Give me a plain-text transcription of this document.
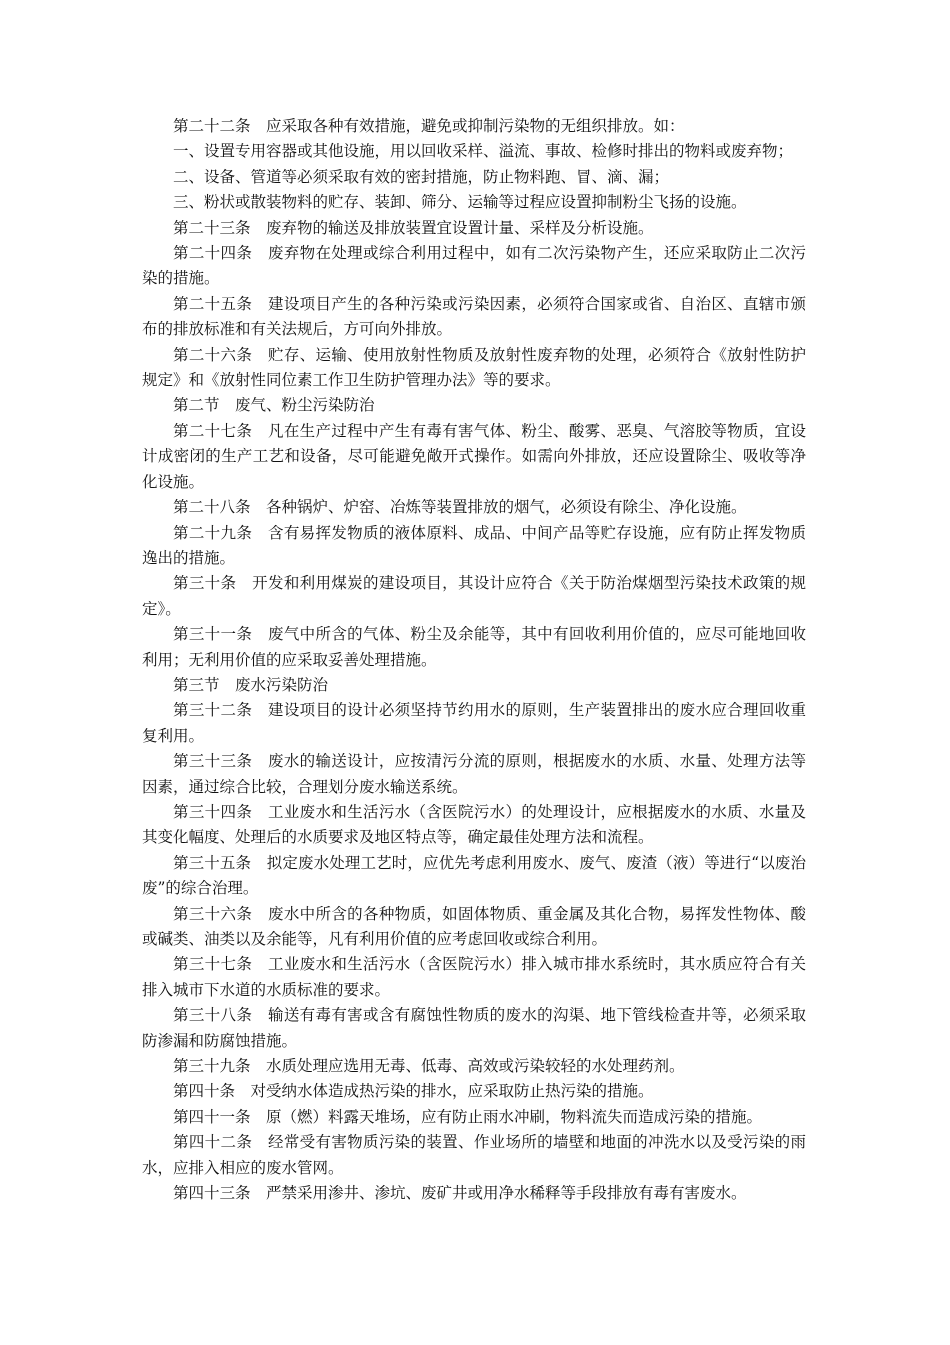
第二十二条　应采取各种有效措施，避免或抑制污染物的无组织排放。如：

一、设置专用容器或其他设施，用以回收采样、溢流、事故、检修时排出的物料或废弃物；

二、设备、管道等必须采取有效的密封措施，防止物料跑、冒、滴、漏；

三、粉状或散装物料的贮存、装卸、筛分、运输等过程应设置抑制粉尘飞扬的设施。

第二十三条　废弃物的输送及排放装置宜设置计量、采样及分析设施。

第二十四条　废弃物在处理或综合利用过程中，如有二次污染物产生，还应采取防止二次污染的措施。

第二十五条　建设项目产生的各种污染或污染因素，必须符合国家或省、自治区、直辖市颁布的排放标准和有关法规后，方可向外排放。

第二十六条　贮存、运输、使用放射性物质及放射性废弃物的处理，必须符合《放射性防护规定》和《放射性同位素工作卫生防护管理办法》等的要求。

第二节　废气、粉尘污染防治

第二十七条　凡在生产过程中产生有毒有害气体、粉尘、酸雾、恶臭、气溶胶等物质，宜设计成密闭的生产工艺和设备，尽可能避免敞开式操作。如需向外排放，还应设置除尘、吸收等净化设施。

第二十八条　各种锅炉、炉窑、冶炼等装置排放的烟气，必须设有除尘、净化设施。

第二十九条　含有易挥发物质的液体原料、成品、中间产品等贮存设施，应有防止挥发物质逸出的措施。

第三十条　开发和利用煤炭的建设项目，其设计应符合《关于防治煤烟型污染技术政策的规定》。

第三十一条　废气中所含的气体、粉尘及余能等，其中有回收利用价值的，应尽可能地回收利用；无利用价值的应采取妥善处理措施。

第三节　废水污染防治

第三十二条　建设项目的设计必须坚持节约用水的原则，生产装置排出的废水应合理回收重复利用。

第三十三条　废水的输送设计，应按清污分流的原则，根据废水的水质、水量、处理方法等因素，通过综合比较，合理划分废水输送系统。

第三十四条　工业废水和生活污水（含医院污水）的处理设计，应根据废水的水质、水量及其变化幅度、处理后的水质要求及地区特点等，确定最佳处理方法和流程。

第三十五条　拟定废水处理工艺时，应优先考虑利用废水、废气、废渣（液）等进行“以废治废”的综合治理。

第三十六条　废水中所含的各种物质，如固体物质、重金属及其化合物，易挥发性物体、酸或碱类、油类以及余能等，凡有利用价值的应考虑回收或综合利用。

第三十七条　工业废水和生活污水（含医院污水）排入城市排水系统时，其水质应符合有关排入城市下水道的水质标准的要求。

第三十八条　输送有毒有害或含有腐蚀性物质的废水的沟渠、地下管线检查井等，必须采取防渗漏和防腐蚀措施。

第三十九条　水质处理应选用无毒、低毒、高效或污染较轻的水处理药剂。

第四十条　对受纳水体造成热污染的排水，应采取防止热污染的措施。

第四十一条　原（燃）料露天堆场，应有防止雨水冲刷，物料流失而造成污染的措施。

第四十二条　经常受有害物质污染的装置、作业场所的墙壁和地面的冲洗水以及受污染的雨水，应排入相应的废水管网。

第四十三条　严禁采用渗井、渗坑、废矿井或用净水稀释等手段排放有毒有害废水。
